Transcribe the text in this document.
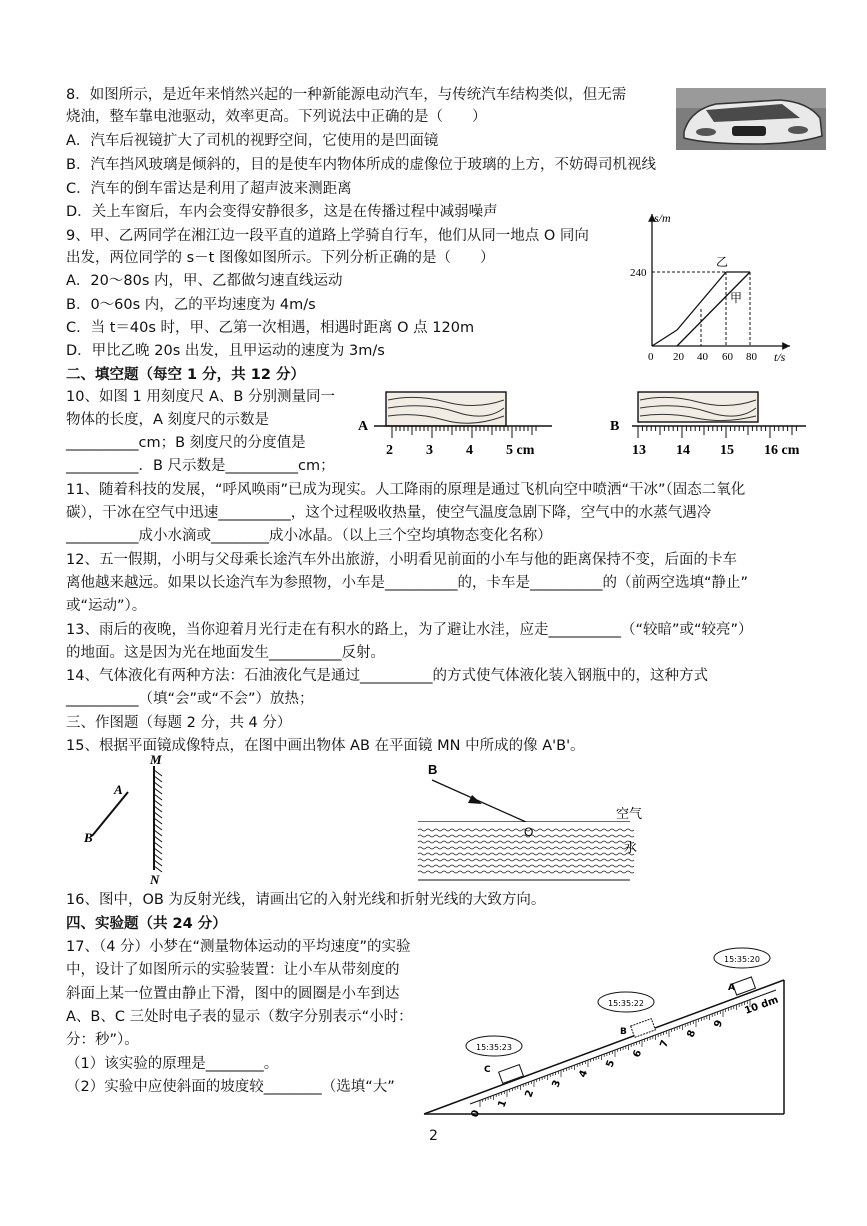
8．如图所示，是近年来悄然兴起的一种新能源电动汽车，与传统汽车结构类似，但无需
烧油，整车靠电池驱动，效率更高。下列说法中正确的是（　　）
A．汽车后视镜扩大了司机的视野空间，它使用的是凹面镜
B．汽车挡风玻璃是倾斜的，目的是使车内物体所成的虚像位于玻璃的上方，不妨碍司机视线
C．汽车的倒车雷达是利用了超声波来测距离
D．关上车窗后，车内会变得安静很多，这是在传播过程中减弱噪声
9、甲、乙两同学在湘江边一段平直的道路上学骑自行车，他们从同一地点 O 同向
出发，两位同学的 s－t 图像如图所示。下列分析正确的是（　　）
A．20～80s 内，甲、乙都做匀速直线运动
B．0～60s 内，乙的平均速度为 4m/s
C．当 t＝40s 时，甲、乙第一次相遇，相遇时距离 O 点 120m
D．甲比乙晚 20s 出发，且甲运动的速度为 3m/s
s/m
t/s
240
0 20 40 60 80
乙
甲
二、填空题（每空 1 分，共 12 分）
10、如图 1 用刻度尺 A、B 分别测量同一
物体的长度，A 刻度尺的示数是
__________cm；B 刻度尺的分度值是
__________．B 尺示数是__________cm；
A
2 3 4 5 cm
B
13 14 15 16 cm
11、随着科技的发展，“呼风唤雨”已成为现实。人工降雨的原理是通过飞机向空中喷洒“干冰”（固态二氧化
碳），干冰在空气中迅速__________，这个过程吸收热量，使空气温度急剧下降，空气中的水蒸气遇冷
__________成小水滴或________成小冰晶。（以上三个空均填物态变化名称）
12、五一假期，小明与父母乘长途汽车外出旅游，小明看见前面的小车与他的距离保持不变，后面的卡车
离他越来越远。如果以长途汽车为参照物，小车是__________的，卡车是__________的（前两空选填“静止”
或“运动”）。
13、雨后的夜晚，当你迎着月光行走在有积水的路上，为了避让水洼，应走__________（“较暗”或“较亮”）
的地面。这是因为光在地面发生__________反射。
14、气体液化有两种方法：石油液化气是通过__________的方式使气体液化装入钢瓶中的，这种方式
__________（填“会”或“不会”）放热；
三、作图题（每题 2 分，共 4 分）
15、根据平面镜成像特点，在图中画出物体 AB 在平面镜 MN 中所成的像 A'B'。
M
N
A
B
B
O
空气
水
16、图中，OB 为反射光线，请画出它的入射光线和折射光线的大致方向。
四、实验题（共 24 分）
17、（4 分）小梦在“测量物体运动的平均速度”的实验
中，设计了如图所示的实验装置：让小车从带刻度的
斜面上某一位置由静止下滑，图中的圆圈是小车到达
A、B、C 三处时电子表的显示（数字分别表示“小时：
分：秒”）。
（1）该实验的原理是________。
（2）实验中应使斜面的坡度较________（选填“大”
0
1
2
3
4
5
6
7
8
9
10 dm
15:35:20
A
15:35:22
B
15:35:23
C
2
